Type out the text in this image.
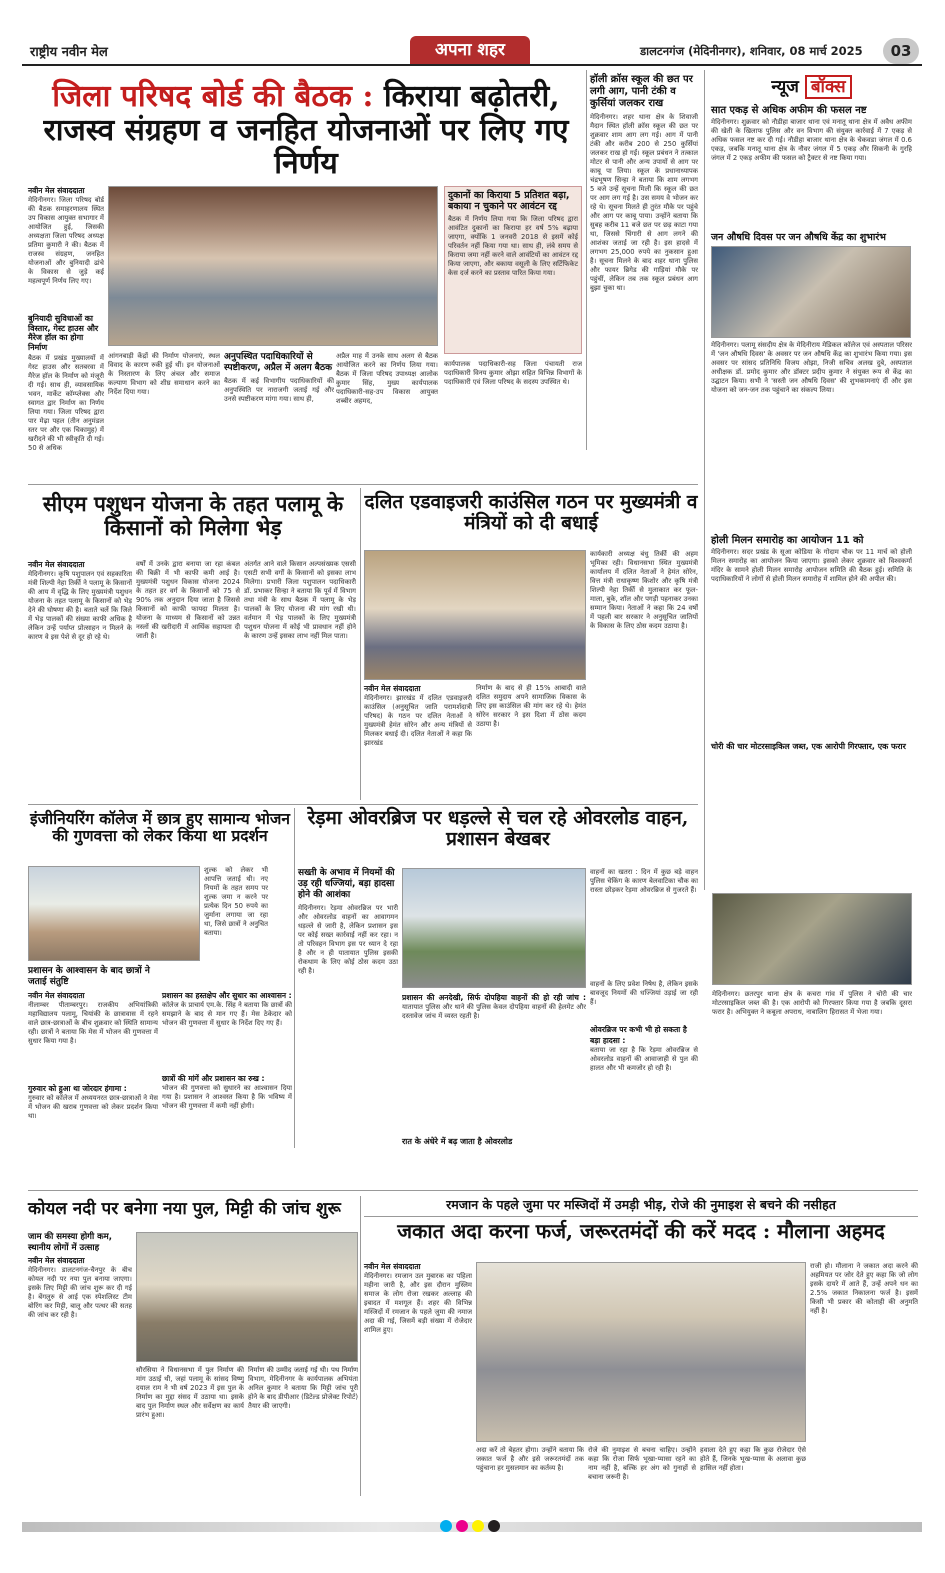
राष्ट्रीय नवीन मेल	अपना शहर	डालटनगंज (मेदिनीनगर), शनिवार, 08 मार्च 2025	03
जिला परिषद बोर्ड की बैठक : किराया बढ़ोतरी, राजस्व संग्रहण व जनहित योजनाओं पर लिए गए निर्णय
नवीन मेल संवाददाता
मेदिनीनगर। जिला परिषद बोर्ड की बैठक समाहरणालय स्थित उप विकास आयुक्त सभागार में आयोजित हुई, जिसकी अध्यक्षता जिला परिषद अध्यक्ष प्रतिमा कुमारी ने की। बैठक में राजस्व संग्रहण, जनहित योजनाओं और बुनियादी ढांचे के विकास से जुड़े कई महत्वपूर्ण निर्णय लिए गए।
बुनियादी सुविधाओं का विस्तार, गेस्ट हाउस और मैरेज हॉल का होगा निर्माण
बैठक में प्रखंड मुख्यालयों में गेस्ट हाउस और सतबरवा में मैरेज हॉल के निर्माण को मंजूरी दी गई। साथ ही, व्यावसायिक भवन, मार्केट कॉम्प्लेक्स और स्वागत द्वार निर्माण का निर्णय लिया गया। जिला परिषद द्वारा पार मेढ़ा पहल (तीन अनुमंडल स्तर पर और एक चिकामुह) में खरीदने की भी स्वीकृति दी गई। 50 से अधिक
आंगनबाड़ी केंद्रों की निर्माण योजनाएं, स्थल विवाद के कारण रुकी हुई थीं। इन योजनाओं के निस्तारण के लिए अंचल और समाज कल्याण विभाग को शीघ्र समाधान करने का निर्देश दिया गया।
अनुपस्थित पदाधिकारियों से स्पष्टीकरण, अप्रैल में अलग बैठक
बैठक में कई विभागीय पदाधिकारियों की अनुपस्थिति पर नाराजगी जताई गई और उनसे स्पष्टीकरण मांगा गया। साथ ही,
अप्रैल माह में उनके साथ अलग से बैठक आयोजित करने का निर्णय लिया गया। बैठक में जिला परिषद उपाध्यक्ष आलोक कुमार सिंह, मुख्य कार्यपालक पदाधिकारी-सह-उप विकास आयुक्त शब्बीर अहमद,
दुकानों का किराया 5 प्रतिशत बढ़ा, बकाया न चुकाने पर आवंटन रद्द
बैठक में निर्णय लिया गया कि जिला परिषद द्वारा आवंटित दुकानों का किराया हर वर्ष 5% बढ़ाया जाएगा, क्योंकि 1 जनवरी 2018 से इसमें कोई परिवर्तन नहीं किया गया था। साथ ही, लंबे समय से किराया जमा नहीं करने वाले आवंटियों का आवंटन रद्द किया जाएगा, और बकाया वसूली के लिए सर्टिफिकेट केस दर्ज करने का प्रस्ताव पारित किया गया।
कार्यपालक पदाधिकारी-सह जिला पंचायती राज पदाधिकारी विनय कुमार ओझा सहित विभिन्न विभागों के पदाधिकारी एवं जिला परिषद के सदस्य उपस्थित थे।
हॉली क्रॉस स्कूल की छत पर लगी आग, पानी टंकी व कुर्सियां जलकर राख
मेदिनीनगर। शहर थाना क्षेत्र के शिवाजी मैदान स्थित हॉली क्रॉस स्कूल की छत पर शुक्रवार शाम आग लग गई। आग में पानी टंकी और करीब 200 से 250 कुर्सियां जलकर राख हो गईं। स्कूल प्रबंधन ने तत्काल मोटर से पानी और अन्य उपायों से आग पर काबू पा लिया। स्कूल के प्रधानाध्यापक चंद्रभूषण सिन्हा ने बताया कि शाम लगभग 5 बजे उन्हें सूचना मिली कि स्कूल की छत पर आग लग गई है। उस समय वे भोजन कर रहे थे। सूचना मिलते ही तुरंत मौके पर पहुंचे और आग पर काबू पाया। उन्होंने बताया कि सुबह करीब 11 बजे छत पर छड़ काटा गया था, जिससे चिंगारी से आग लगने की आशंका जताई जा रही है। इस हादसे में लगभग 25,000 रुपये का नुकसान हुआ है। सूचना मिलने के बाद शहर थाना पुलिस और फायर ब्रिगेड की गाड़ियां मौके पर पहुंचीं, लेकिन तब तक स्कूल प्रबंधन आग बुझा चुका था।
न्यूज बॉक्स
सात एकड़ से अधिक अफीम की फसल नष्ट
मेदिनीनगर। शुक्रवार को नौडीहा बाजार थाना एवं मनातू थाना क्षेत्र में अवैध अफीम की खेती के खिलाफ पुलिस और वन विभाग की संयुक्त कार्रवाई में 7 एकड़ से अधिक फसल नष्ट कर दी गई। नौडीहा बाजार थाना क्षेत्र के चेकवडा जंगल में 0.6 एकड़, जबकि मनातू थाना क्षेत्र के नौवर जंगल में 5 एकड़ और सिकनी के गुरहि जंगल में 2 एकड़ अफीम की फसल को ट्रैक्टर से नष्ट किया गया।
जन औषधि दिवस पर जन औषधि केंद्र का शुभारंभ
मेदिनीनगर। पलामू संसदीय क्षेत्र के मेदिनीराय मेडिकल कॉलेज एवं अस्पताल परिसर में 'जन औषधि दिवस' के अवसर पर जन औषधि केंद्र का शुभारंभ किया गया। इस अवसर पर सांसद प्रतिनिधि विजय ओझा, निजी सचिव अलख दुबे, अस्पताल अधीक्षक डॉ. प्रमोद कुमार और डॉक्टर प्रदीप कुमार ने संयुक्त रूप से केंद्र का उद्घाटन किया। सभी ने 'सस्ती जन औषधि दिवस' की शुभकामनाएं दीं और इस योजना को जन-जन तक पहुंचाने का संकल्प लिया।
होली मिलन समारोह का आयोजन 11 को
मेदिनीनगर। सदर प्रखंड के सूआ कोडिया के गोदाम चौक पर 11 मार्च को होली मिलन समारोह का आयोजन किया जाएगा। इसको लेकर शुक्रवार को विश्वकर्मा मंदिर के सामने होली मिलन समारोह आयोजन समिति की बैठक हुई। समिति के पदाधिकारियों ने लोगों से होली मिलन समारोह में शामिल होने की अपील की।
चोरी की चार मोटरसाइकिल जब्त, एक आरोपी गिरफ्तार, एक फरार
मेदिनीनगर। छतरपुर थाना क्षेत्र के कचरा गांव में पुलिस ने चोरी की चार मोटरसाइकिल जब्त की है। एक आरोपी को गिरफ्तार किया गया है जबकि दूसरा फरार है। अभियुक्त ने कबूला अपराध, नाबालिग हिरासत में भेजा गया।
सीएम पशुधन योजना के तहत पलामू के किसानों को मिलेगा भेड़
नवीन मेल संवाददाता
मेदिनीनगर। कृषि पशुपालन एवं सहकारिता मंत्री शिल्पी नेहा तिर्की ने पलामू के किसानों की आय में वृद्धि के लिए मुख्यमंत्री पशुधन योजना के तहत पलामू के किसानों को भेड़ देने की घोषणा की है। बताते चलें कि जिले में भेड़ पालकों की संख्या काफी अधिक है लेकिन उन्हें पर्याप्त प्रोत्साहन न मिलने के कारण वे इस पेशे से दूर हो रहे थे।
वर्षों में उनके द्वारा बनाया जा रहा कंबल की बिक्री में भी काफी कमी आई है। मुख्यमंत्री पशुधन विकास योजना 2024 के तहत हर वर्ग के किसानों को 75 से 90% तक अनुदान दिया जाता है जिससे किसानों को काफी फायदा मिलता है। योजना के माध्यम से किसानों को उन्नत नस्लों की खरीदारी में आर्थिक सहायता दी जाती है।
अंतर्गत आने वाले किसान अल्पसंख्यक एससी एसटी सभी वर्गों के किसानों को इसका लाभ मिलेगा। प्रभारी जिला पशुपालन पदाधिकारी डॉ. प्रभाकर सिन्हा ने बताया कि पूर्व में विभाग तथा मंत्री के साथ बैठक में पलामू के भेड़ पालकों के लिए योजना की मांग रखी थी। वर्तमान में भेड़ पालकों के लिए मुख्यमंत्री पशुधन योजना में कोई भी प्रावधान नहीं होने के कारण उन्हें इसका लाभ नहीं मिल पाता।
दलित एडवाइजरी काउंसिल गठन पर मुख्यमंत्री व मंत्रियों को दी बधाई
नवीन मेल संवाददाता
मेदिनीनगर। झारखंड में दलित एडवाइजरी काउंसिल (अनुसूचित जाति परामर्शदात्री परिषद) के गठन पर दलित नेताओं ने मुख्यमंत्री हेमंत सोरेन और अन्य मंत्रियों से मिलकर बधाई दी। दलित नेताओं ने कहा कि झारखंड
निर्माण के बाद से ही 15% आबादी वाले दलित समुदाय अपने सामाजिक विकास के लिए इस काउंसिल की मांग कर रहे थे। हेमंत सोरेन सरकार ने इस दिशा में ठोस कदम उठाया है।
कार्यकारी अध्यक्ष बंधु तिर्की की अहम भूमिका रही। विधानसभा स्थित मुख्यमंत्री कार्यालय में दलित नेताओं ने हेमंत सोरेन, वित्त मंत्री राधाकृष्ण किशोर और कृषि मंत्री शिल्पी नेहा तिर्की से मुलाकात कर फूल-माला, बुके, शॉल और पगड़ी पहनाकर उनका सम्मान किया। नेताओं ने कहा कि 24 वर्षों में पहली बार सरकार ने अनुसूचित जातियों के विकास के लिए ठोस कदम उठाया है।
इंजीनियरिंग कॉलेज में छात्र हुए सामान्य भोजन की गुणवत्ता को लेकर किया था प्रदर्शन
शुल्क को लेकर भी आपत्ति जताई थी। नए नियमों के तहत समय पर शुल्क जमा न करने पर प्रत्येक दिन 50 रुपये का जुर्माना लगाया जा रहा था, जिसे छात्रों ने अनुचित बताया।
प्रशासन के आश्वासन के बाद छात्रों ने जताई संतुष्टि
नवीन मेल संवाददाता
नीलाम्बर पीताम्बरपुर। राजकीय अभियांत्रिकी महाविद्यालय पलामू, चियांकी के छात्रावास में रहने वाले छात्र-छात्राओं के बीच शुक्रवार को स्थिति सामान्य रही। छात्रों ने बताया कि मेस में भोजन की गुणवत्ता में सुधार किया गया है।
गुरुवार को हुआ था जोरदार हंगामा :
गुरुवार को कॉलेज में अध्ययनरत छात्र-छात्राओं ने मेस में भोजन की खराब गुणवत्ता को लेकर प्रदर्शन किया था।
प्रशासन का हस्तक्षेप और सुधार का आश्वासन :
कॉलेज के प्राचार्य एम.के. सिंह ने बताया कि छात्रों की समझाने के बाद से मान गए हैं। मेस ठेकेदार को भोजन की गुणवत्ता में सुधार के निर्देश दिए गए हैं।
छात्रों की मांगें और प्रशासन का रुख :
भोजन की गुणवत्ता को सुधारने का आश्वासन दिया गया है। प्रशासन ने आश्वस्त किया है कि भविष्य में भोजन की गुणवत्ता में कमी नहीं होगी।
रेड़मा ओवरब्रिज पर धड़ल्ले से चल रहे ओवरलोड वाहन, प्रशासन बेखबर
सख्ती के अभाव में नियमों की उड़ रही धज्जियां, बड़ा हादसा होने की आशंका
मेदिनीनगर। रेड़मा ओवरब्रिज पर भारी और ओवरलोड वाहनों का आवागमन धड़ल्ले से जारी है, लेकिन प्रशासन इस पर कोई सख्त कार्रवाई नहीं कर रहा। न तो परिवहन विभाग इस पर ध्यान दे रहा है और न ही यातायात पुलिस इसकी रोकथाम के लिए कोई ठोस कदम उठा रही है।
प्रशासन की अनदेखी, सिर्फ दोपहिया वाहनों की हो रही जांच : यातायात पुलिस और थाने की पुलिस केवल दोपहिया वाहनों की हेलमेट और दस्तावेज जांच में व्यस्त रहती है।
वाहनों का खतरा : दिन में कुछ बड़े वाहन पुलिस चेकिंग के कारण बेलवाटिका चौक का रास्ता छोड़कर रेड़मा ओवरब्रिज से गुजरते हैं।
वाहनों के लिए प्रवेश निषेध है, लेकिन इसके बावजूद नियमों की धज्जियां उड़ाई जा रही हैं।
ओवरब्रिज पर कभी भी हो सकता है बड़ा हादसा :
बताया जा रहा है कि रेड़मा ओवरब्रिज से ओवरलोड वाहनों की आवाजाही से पुल की हालत और भी कमजोर हो रही है।
रात के अंधेरे में बढ़ जाता है ओवरलोड
कोयल नदी पर बनेगा नया पुल, मिट्टी की जांच शुरू
जाम की समस्या होगी कम, स्थानीय लोगों में उत्साह
नवीन मेल संवाददाता
मेदिनीनगर। डालटनगंज-चैनपुर के बीच कोयल नदी पर नया पुल बनाया जाएगा। इसके लिए मिट्टी की जांच शुरू कर दी गई है। बेंगलुरु से आई एक स्पेशलिस्ट टीम बोरिंग कर मिट्टी, बालू और पत्थर की सतह की जांच कर रही है।
सौरसिया ने विधानसभा में पुल निर्माण की मांग उठाई थी, जहां पलामू के सांसद विष्णु दयाल राम ने भी वर्ष 2023 में इस पुल के निर्माण का मुद्दा संसद में उठाया था। इसके बाद पुल निर्माण स्थल और सर्वेक्षण का कार्य प्रारंभ हुआ।
निर्माण की उम्मीद जताई गई थी। पथ निर्माण विभाग, मेदिनीनगर के कार्यपालक अभियंता अनिल कुमार ने बताया कि मिट्टी जांच पूरी होने के बाद डीपीआर (डिटेल्ड प्रोजेक्ट रिपोर्ट) तैयार की जाएगी।
रमजान के पहले जुमा पर मस्जिदों में उमड़ी भीड़, रोजे की नुमाइश से बचने की नसीहत
जकात अदा करना फर्ज, जरूरतमंदों की करें मदद : मौलाना अहमद
नवीन मेल संवाददाता
मेदिनीनगर। रमजान उल मुबारक का पहिला महीना जारी है, और इस दौरान मुस्लिम समाज के लोग रोजा रखकर अल्लाह की इबादत में मशगूल हैं। शहर की विभिन्न मस्जिदों में रमजान के पहले जुमा की नमाज अदा की गई, जिसमें बड़ी संख्या में रोजेदार शामिल हुए।
अदा करें तो बेहतर होगा। उन्होंने बताया कि जकात फर्ज है और इसे जरूरतमंदों तक पहुंचाना हर मुसलमान का कर्तव्य है।
रोजे की नुमाइश से बचना चाहिए। उन्होंने कहा कि रोजा सिर्फ भूखा-प्यासा रहने का नाम नहीं है, बल्कि हर अंग को गुनाहों से बचाना जरूरी है।
हवाला देते हुए कहा कि कुछ रोजेदार ऐसे होते हैं, जिनके भूख-प्यास के अलावा कुछ हासिल नहीं होता।
राजी हो। मौलाना ने जकात अदा करने की अहमियत पर जोर देते हुए कहा कि जो लोग इसके दायरे में आते हैं, उन्हें अपने धन का 2.5% जकात निकालना फर्ज है। इसमें किसी भी प्रकार की कोताही की अनुमति नहीं है।
